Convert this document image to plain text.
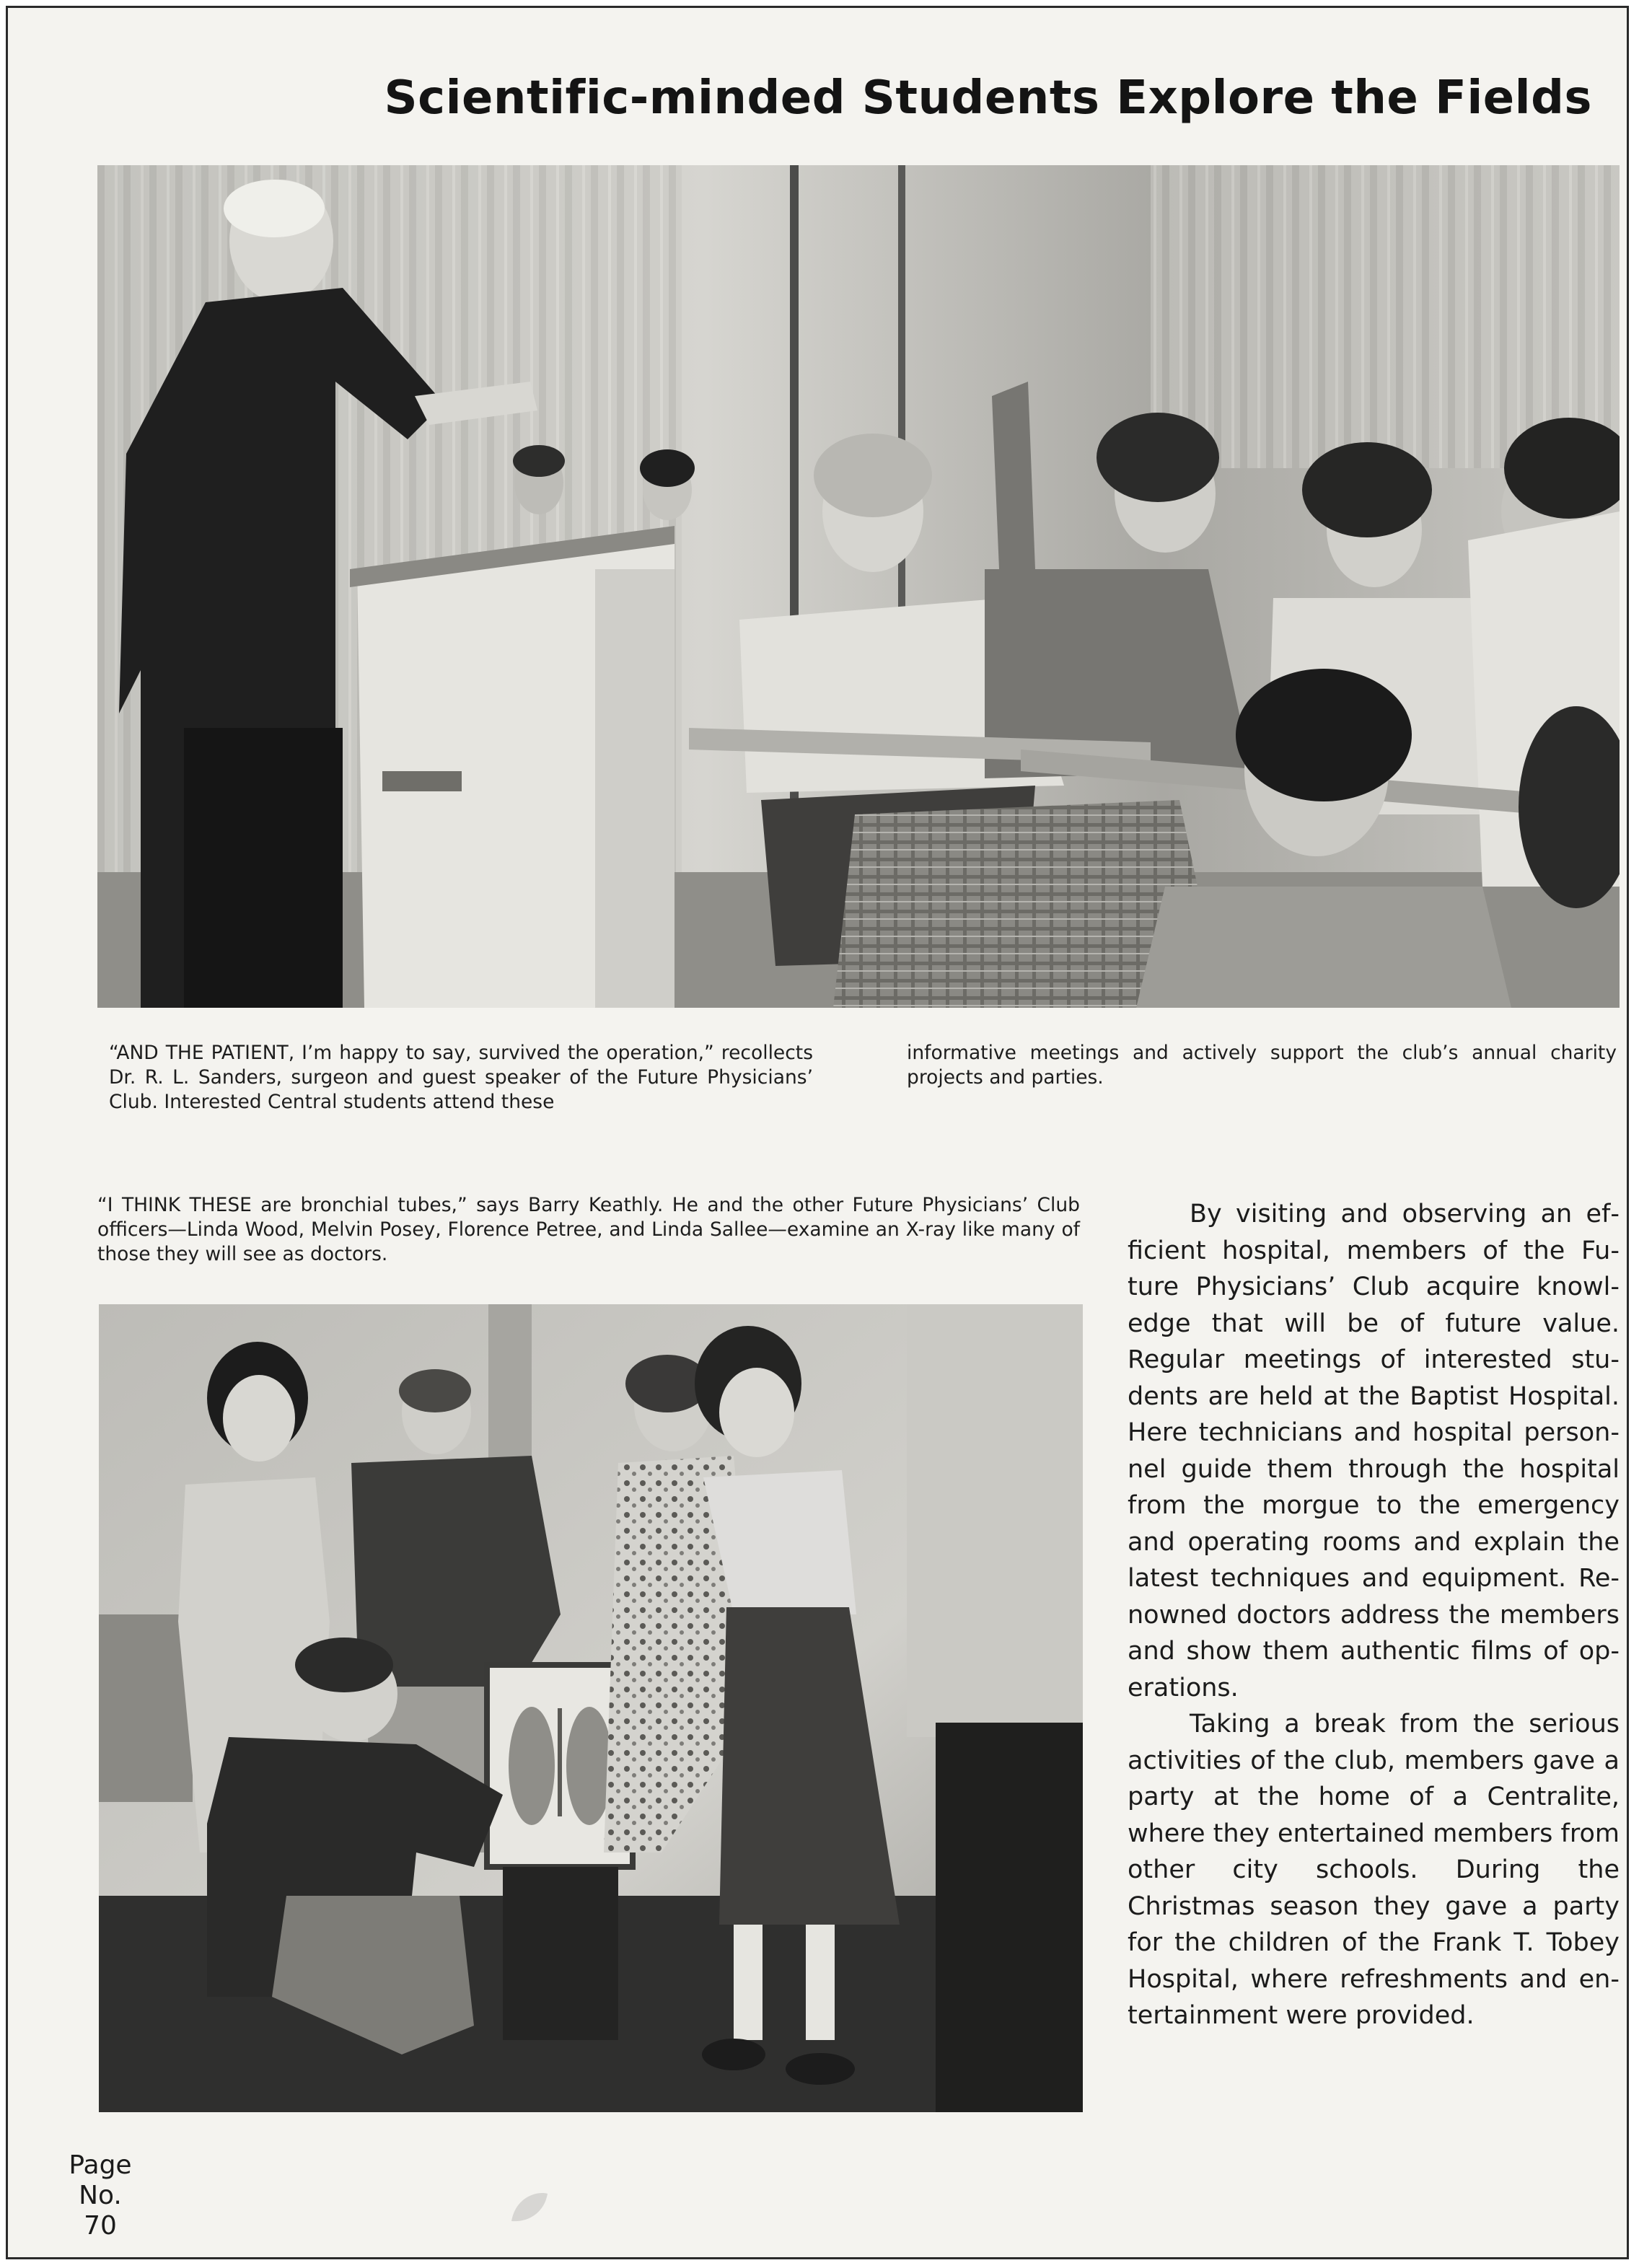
Scientific-minded Students Explore the Fields

“AND THE PATIENT, I’m happy to say, survived the operation,” recollects Dr. R. L. Sanders, surgeon and guest speaker of the Future Physicians’ Club. Interested Central students attend these

informative meetings and actively support the club’s annual charity projects and parties.

“I THINK THESE are bronchial tubes,” says Barry Keathly. He and the other Future Physicians’ Club officers—Linda Wood, Melvin Posey, Florence Petree, and Linda Sallee—examine an X-ray like many of those they will see as doctors.

By visiting and observing an efficient hospital, members of the Future Physicians’ Club acquire knowledge that will be of future value. Regular meetings of interested students are held at the Baptist Hospital. Here technicians and hospital personnel guide them through the hospital from the morgue to the emergency and operating rooms and explain the latest techniques and equipment. Renowned doctors address the members and show them authentic films of operations.

Taking a break from the serious activities of the club, members gave a party at the home of a Centralite, where they entertained members from other city schools. During the Christmas season they gave a party for the children of the Frank T. Tobey Hospital, where refreshments and entertainment were provided.

Page
No.
70
